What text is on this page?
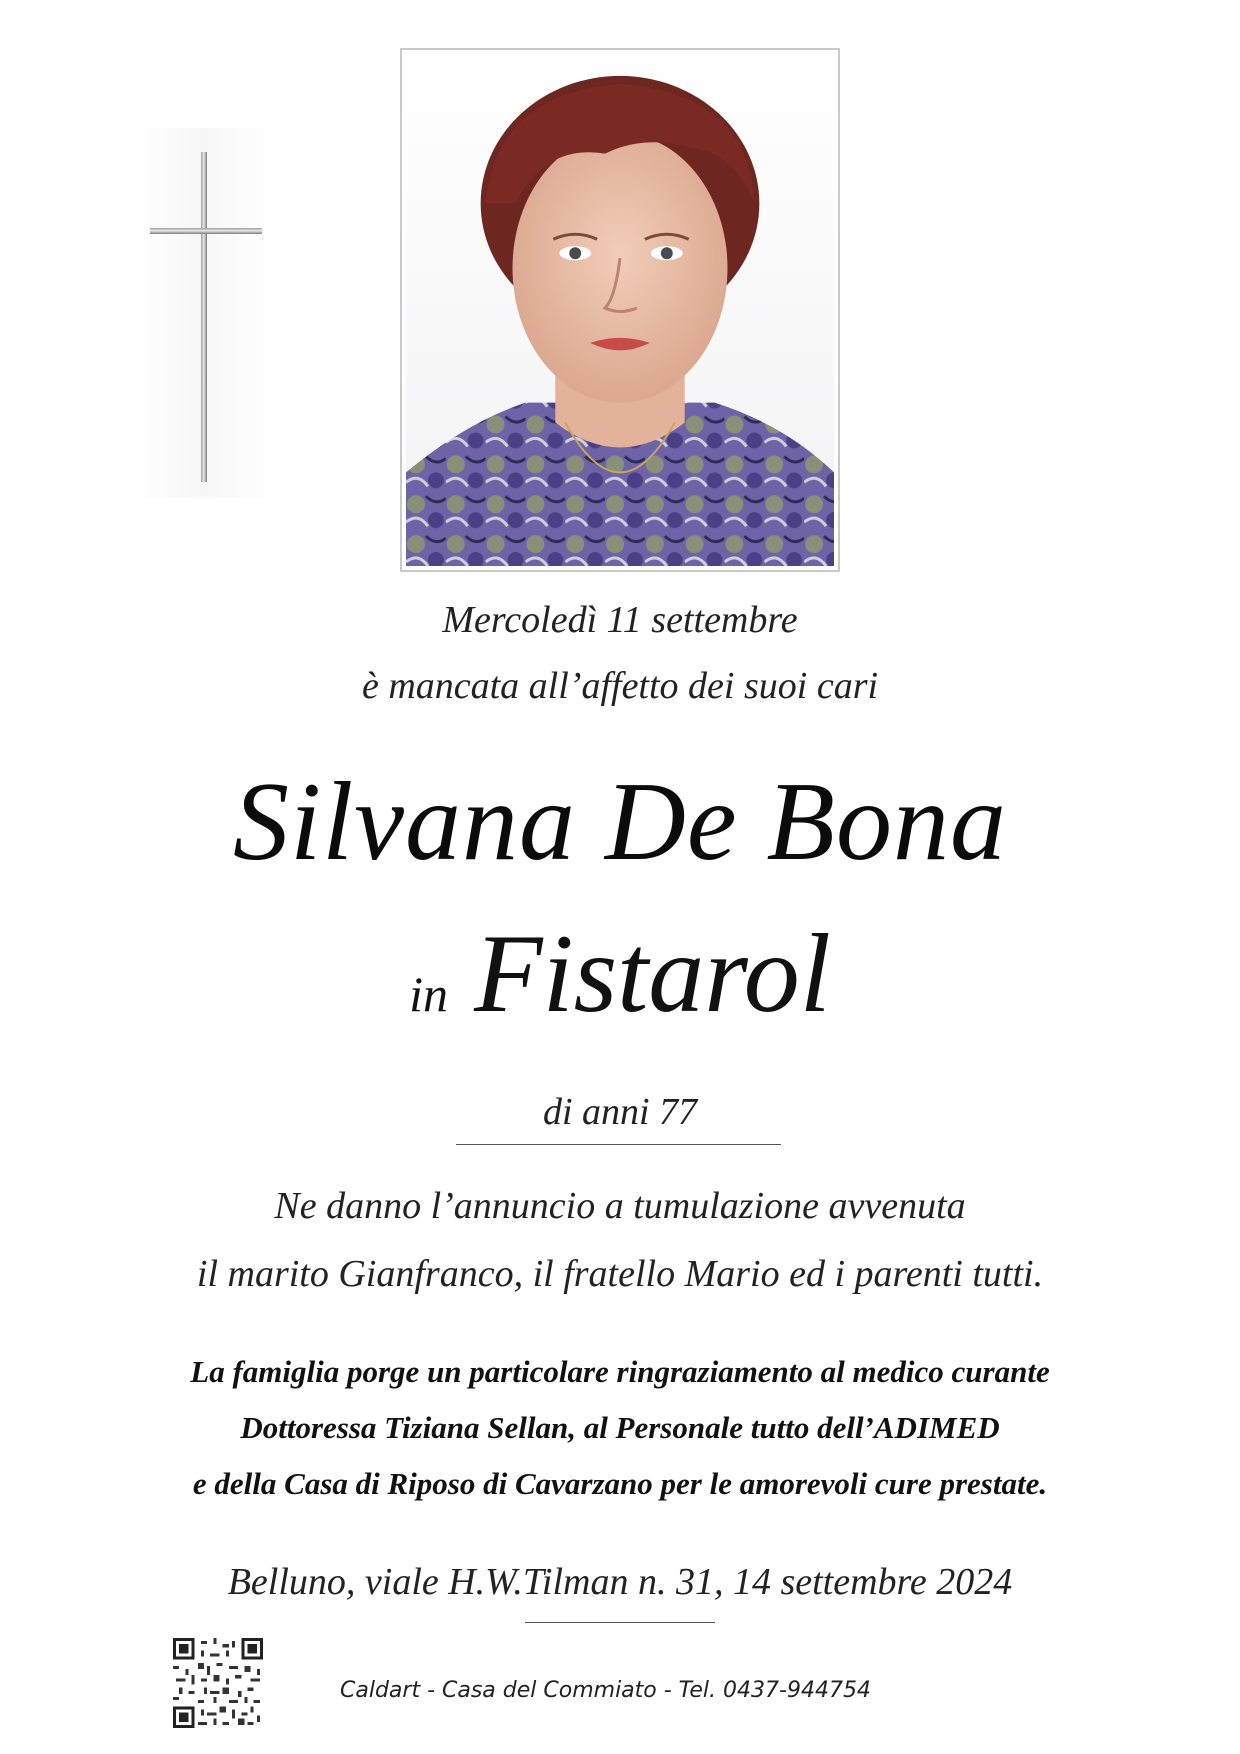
Mercoledì 11 settembre
è mancata all’affetto dei suoi cari
Silvana De Bona
in Fistarol
di anni 77
Ne danno l’annuncio a tumulazione avvenuta
il marito Gianfranco, il fratello Mario ed i parenti tutti.
La famiglia porge un particolare ringraziamento al medico curante
Dottoressa Tiziana Sellan, al Personale tutto dell’ADIMED
e della Casa di Riposo di Cavarzano per le amorevoli cure prestate.
Belluno, viale H.W.Tilman n. 31, 14 settembre 2024
Caldart - Casa del Commiato - Tel. 0437-944754
